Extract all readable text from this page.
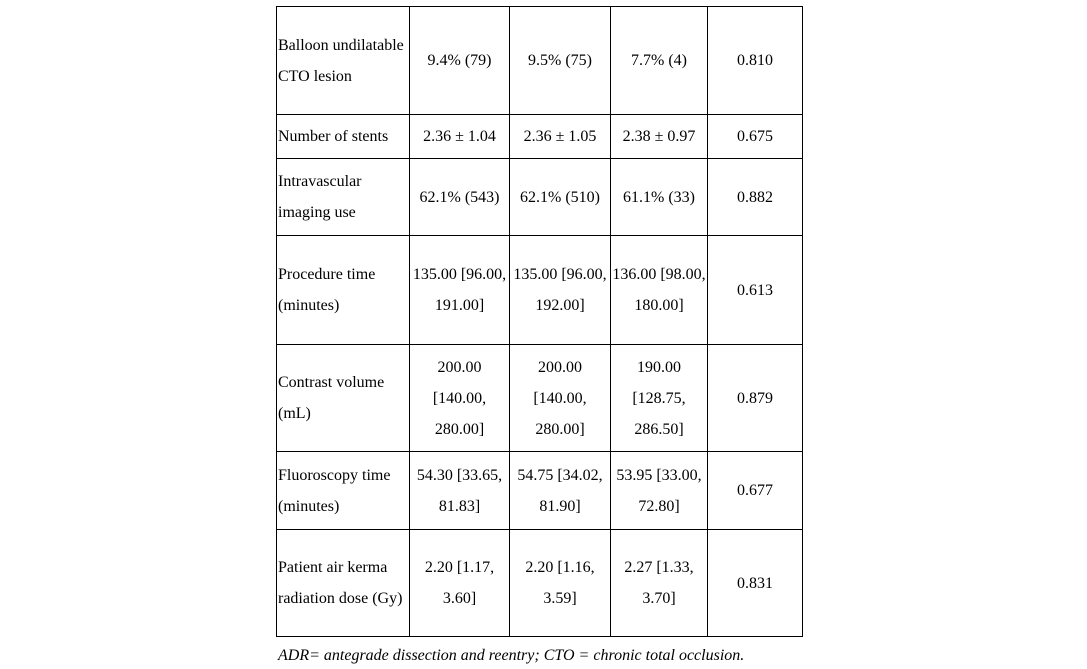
Balloon undilatable CTO lesion	9.4% (79)	9.5% (75)	7.7% (4)	0.810
Number of stents	2.36 ± 1.04	2.36 ± 1.05	2.38 ± 0.97	0.675
Intravascular imaging use	62.1% (543)	62.1% (510)	61.1% (33)	0.882
Procedure time (minutes)	135.00 [96.00, 191.00]	135.00 [96.00, 192.00]	136.00 [98.00, 180.00]	0.613
Contrast volume (mL)	200.00 [140.00, 280.00]	200.00 [140.00, 280.00]	190.00 [128.75, 286.50]	0.879
Fluoroscopy time (minutes)	54.30 [33.65, 81.83]	54.75 [34.02, 81.90]	53.95 [33.00, 72.80]	0.677
Patient air kerma radiation dose (Gy)	2.20 [1.17, 3.60]	2.20 [1.16, 3.59]	2.27 [1.33, 3.70]	0.831
ADR= antegrade dissection and reentry; CTO = chronic total occlusion.
